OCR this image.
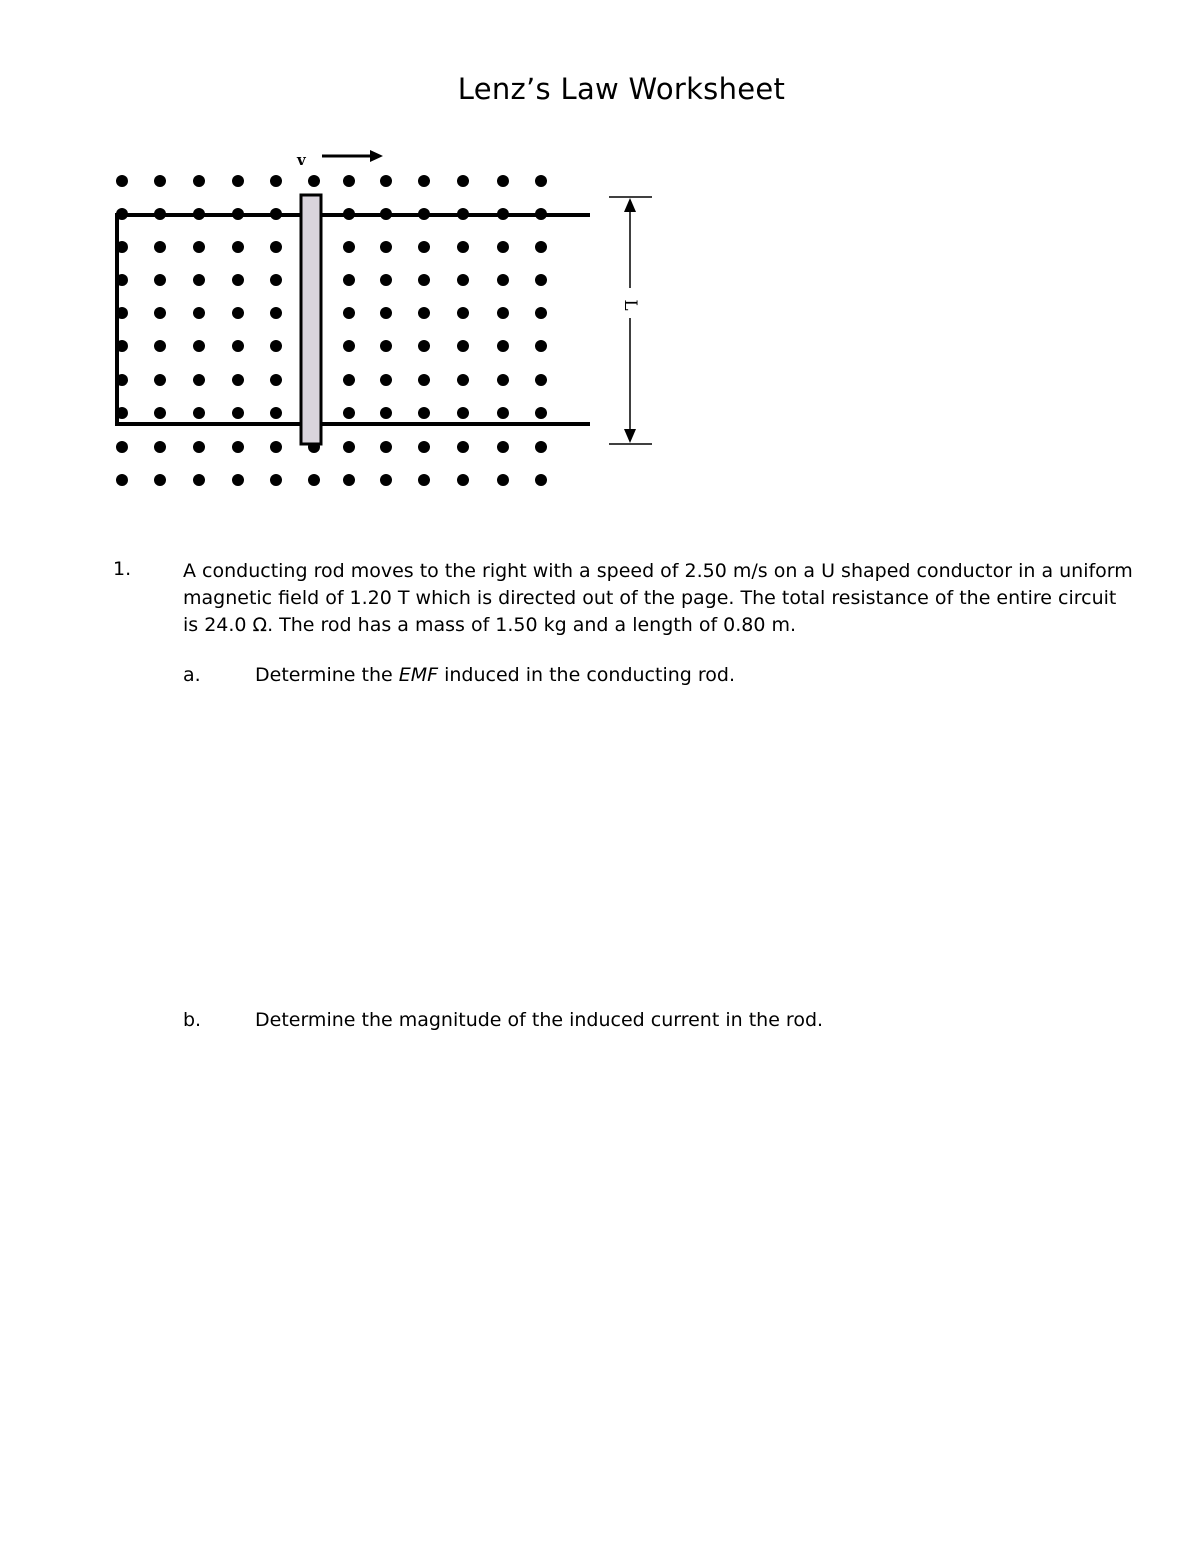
Lenz’s Law Worksheet
v
L
1.	A conducting rod moves to the right with a speed of 2.50 m/s on a U shaped conductor in a uniform magnetic field of 1.20 T which is directed out of the page. The total resistance of the entire circuit is 24.0 Ω. The rod has a mass of 1.50 kg and a length of 0.80 m.

a.	Determine the EMF induced in the conducting rod.
b.	Determine the magnitude of the induced current in the rod.
